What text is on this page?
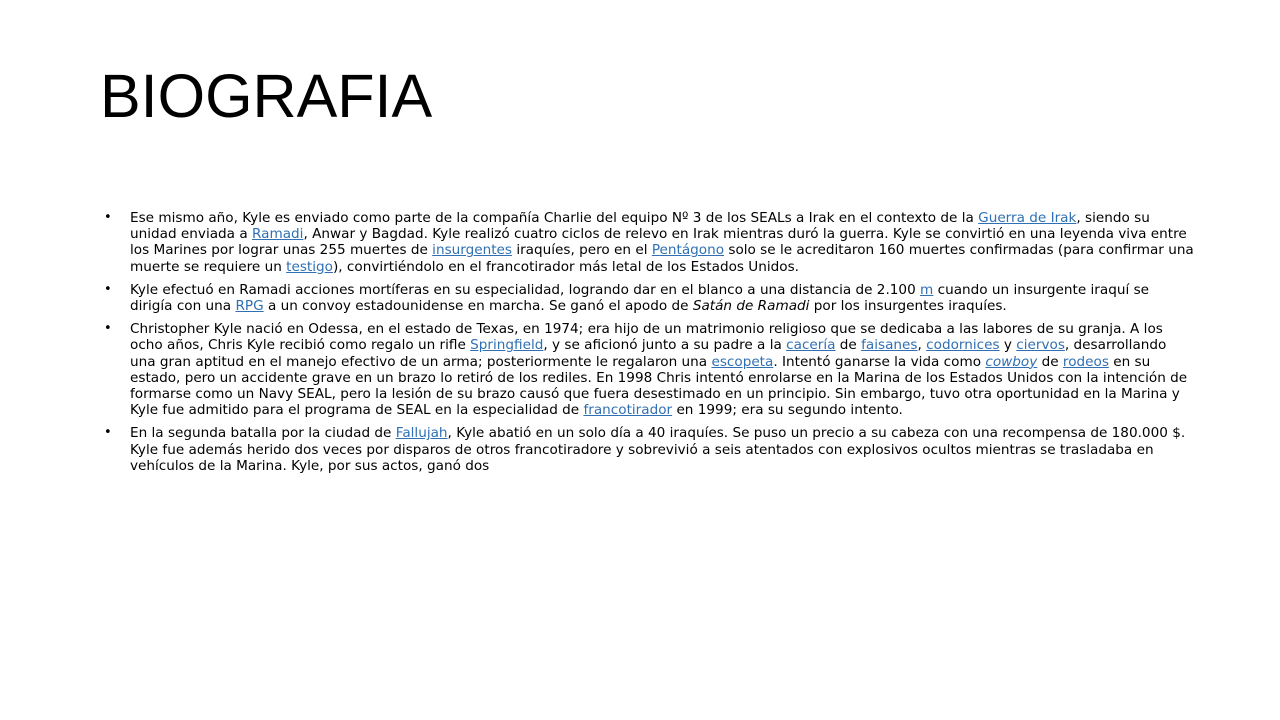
BIOGRAFIA
• Ese mismo año, Kyle es enviado como parte de la compañía Charlie del equipo Nº 3 de los SEALs a Irak en el contexto de la Guerra de Irak, siendo su unidad enviada a Ramadi, Anwar y Bagdad. Kyle realizó cuatro ciclos de relevo en Irak mientras duró la guerra. Kyle se convirtió en una leyenda viva entre los Marines por lograr unas 255 muertes de insurgentes iraquíes, pero en el Pentágono solo se le acreditaron 160 muertes confirmadas (para confirmar una muerte se requiere un testigo), convirtiéndolo en el francotirador más letal de los Estados Unidos.
• Kyle efectuó en Ramadi acciones mortíferas en su especialidad, logrando dar en el blanco a una distancia de 2.100 m cuando un insurgente iraquí se dirigía con una RPG a un convoy estadounidense en marcha. Se ganó el apodo de Satán de Ramadi por los insurgentes iraquíes.
• Christopher Kyle nació en Odessa, en el estado de Texas, en 1974; era hijo de un matrimonio religioso que se dedicaba a las labores de su granja. A los ocho años, Chris Kyle recibió como regalo un rifle Springfield, y se aficionó junto a su padre a la cacería de faisanes, codornices y ciervos, desarrollando una gran aptitud en el manejo efectivo de un arma; posteriormente le regalaron una escopeta. Intentó ganarse la vida como cowboy de rodeos en su estado, pero un accidente grave en un brazo lo retiró de los rediles. En 1998 Chris intentó enrolarse en la Marina de los Estados Unidos con la intención de formarse como un Navy SEAL, pero la lesión de su brazo causó que fuera desestimado en un principio. Sin embargo, tuvo otra oportunidad en la Marina y Kyle fue admitido para el programa de SEAL en la especialidad de francotirador en 1999; era su segundo intento.
• En la segunda batalla por la ciudad de Fallujah, Kyle abatió en un solo día a 40 iraquíes. Se puso un precio a su cabeza con una recompensa de 180.000 $. Kyle fue además herido dos veces por disparos de otros francotiradore y sobrevivió a seis atentados con explosivos ocultos mientras se trasladaba en vehículos de la Marina. Kyle, por sus actos, ganó dos
